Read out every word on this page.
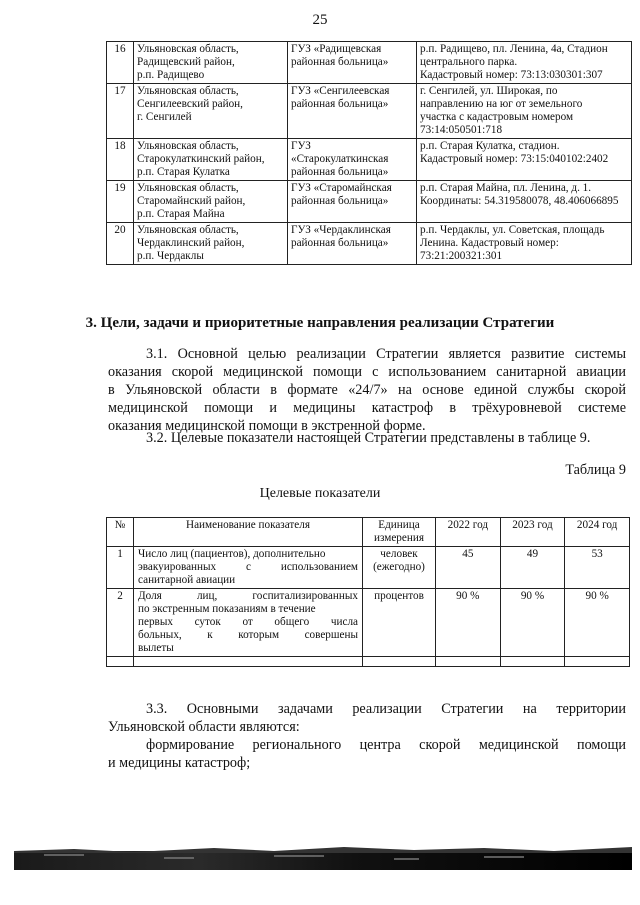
25
16	Ульяновская область,
Радищевский район,
р.п. Радищево	ГУЗ «Радищевская
районная больница»	р.п. Радищево, пл. Ленина, 4а, Стадион
центрального парка.
Кадастровый номер: 73:13:030301:307

17	Ульяновская область,
Сенгилеевский район,
г. Сенгилей	ГУЗ «Сенгилеевская
районная больница»	г. Сенгилей, ул. Широкая, по
направлению на юг от земельного
участка с кадастровым номером
73:14:050501:718

18	Ульяновская область,
Старокулаткинский район,
р.п. Старая Кулатка	ГУЗ
«Старокулаткинская
районная больница»	р.п. Старая Кулатка, стадион.
Кадастровый номер: 73:15:040102:2402

19	Ульяновская область,
Старомайнский район,
р.п. Старая Майна	ГУЗ «Старомайнская
районная больница»	р.п. Старая Майна, пл. Ленина, д. 1.
Координаты: 54.319580078, 48.406066895

20	Ульяновская область,
Чердаклинский район,
р.п. Чердаклы	ГУЗ «Чердаклинская
районная больница»	р.п. Чердаклы, ул. Советская, площадь
Ленина. Кадастровый номер:
73:21:200321:301
3. Цели, задачи и приоритетные направления реализации Стратегии
3.1. Основной целью реализации Стратегии является развитие системы
оказания скорой медицинской помощи с использованием санитарной авиации
в Ульяновской области в формате «24/7» на основе единой службы скорой
медицинской помощи и медицины катастроф в трёхуровневой системе
оказания медицинской помощи в экстренной форме.
3.2. Целевые показатели настоящей Стратегии представлены в таблице 9.
Таблица 9
Целевые показатели
№	Наименование показателя	Единица
измерения	2022 год	2023 год	2024 год
1	Число лиц (пациентов), дополнительно
эвакуированных с использованием
санитарной авиации	человек
(ежегодно)	45	49	53
2	Доля лиц, госпитализированных
по экстренным показаниям в течение
первых суток от общего числа
больных, к которым совершены
вылеты	процентов	90 %	90 %	90 %

3.3. Основными задачами реализации Стратегии на территории
Ульяновской области являются:
формирование регионального центра скорой медицинской помощи
и медицины катастроф;
